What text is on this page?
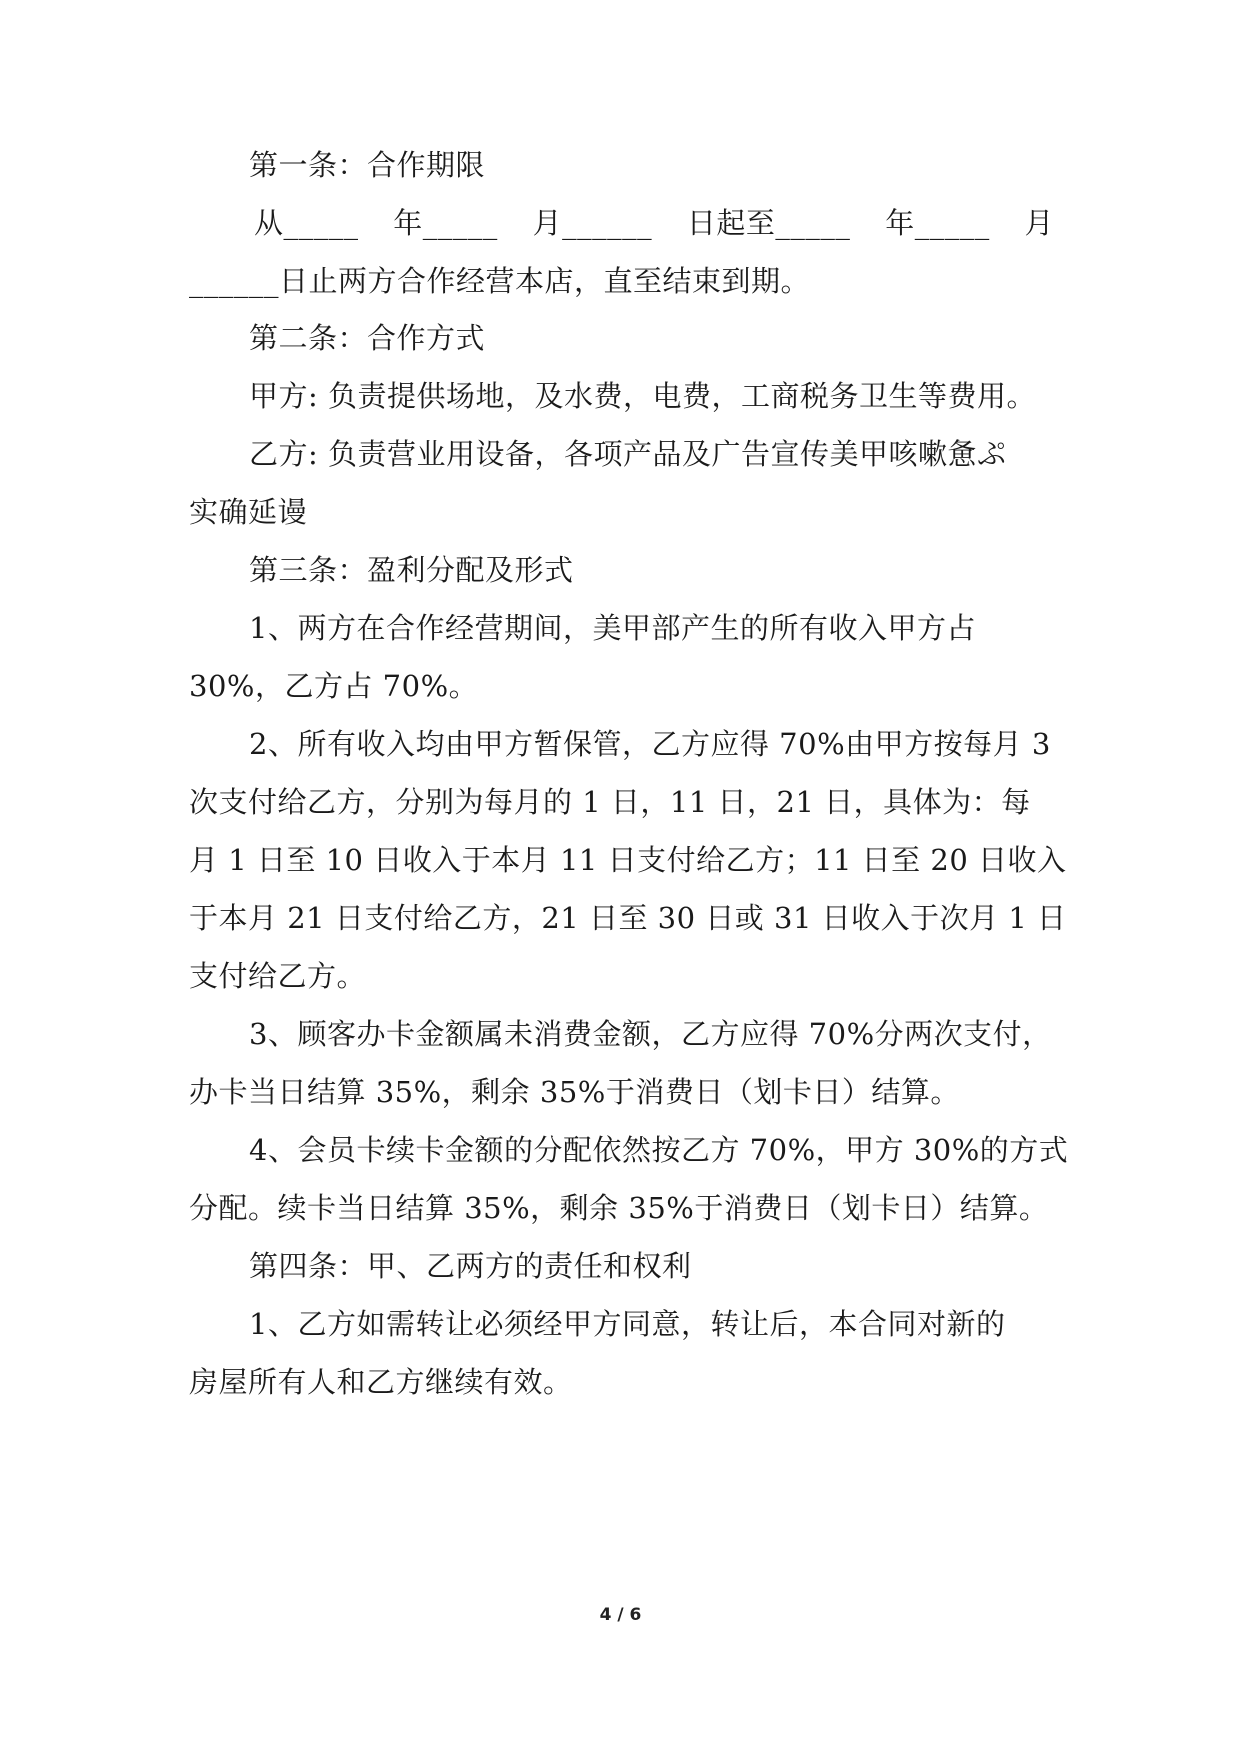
第一条：合作期限
从_____ 年_____ 月______ 日起至_____ 年_____ 月
______日止两方合作经营本店，直至结束到期。
第二条：合作方式
甲方: 负责提供场地，及水费，电费，工商税务卫生等费用。
乙方: 负责营业用设备，各项产品及广告宣传美甲咳嗽惫ぷ
实确延谩
第三条：盈利分配及形式
1、两方在合作经营期间，美甲部产生的所有收入甲方占
30%，乙方占 70%。
2、所有收入均由甲方暂保管，乙方应得 70%由甲方按每月 3
次支付给乙方，分别为每月的 1 日，11 日，21 日，具体为：每
月 1 日至 10 日收入于本月 11 日支付给乙方；11 日至 20 日收入
于本月 21 日支付给乙方，21 日至 30 日或 31 日收入于次月 1 日
支付给乙方。
3、顾客办卡金额属未消费金额，乙方应得 70%分两次支付，
办卡当日结算 35%，剩余 35%于消费日（划卡日）结算。
4、会员卡续卡金额的分配依然按乙方 70%，甲方 30%的方式
分配。续卡当日结算 35%，剩余 35%于消费日（划卡日）结算。
第四条：甲、乙两方的责任和权利
1、乙方如需转让必须经甲方同意，转让后，本合同对新的
房屋所有人和乙方继续有效。
4 / 6
